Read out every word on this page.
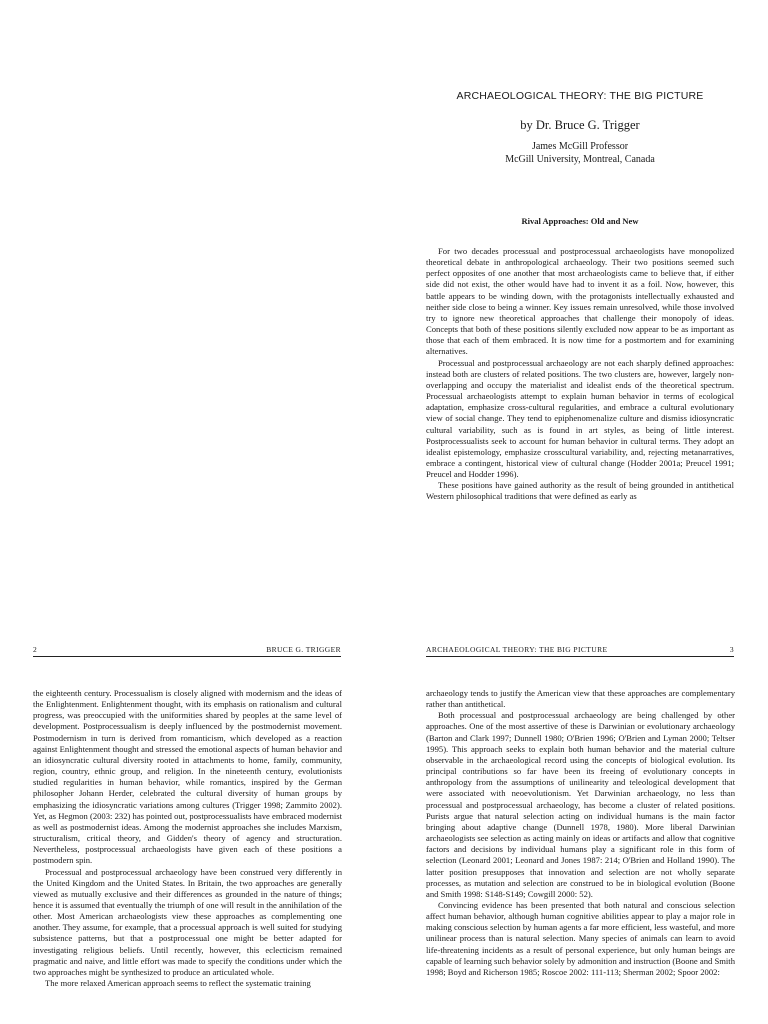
ARCHAEOLOGICAL THEORY: THE BIG PICTURE
by Dr. Bruce G. Trigger
James McGill Professor
McGill University, Montreal, Canada
Rival Approaches: Old and New

For two decades processual and postprocessual archaeologists have monopolized theoretical debate in anthropological archaeology. Their two positions seemed such perfect opposites of one another that most archaeologists came to believe that, if either side did not exist, the other would have had to invent it as a foil. Now, however, this battle appears to be winding down, with the protagonists intellectually exhausted and neither side close to being a winner. Key issues remain unresolved, while those involved try to ignore new theoretical approaches that challenge their monopoly of ideas. Concepts that both of these positions silently excluded now appear to be as important as those that each of them embraced. It is now time for a postmortem and for examining alternatives.

Processual and postprocessual archaeology are not each sharply defined approaches: instead both are clusters of related positions. The two clusters are, however, largely non-overlapping and occupy the materialist and idealist ends of the theoretical spectrum. Processual archaeologists attempt to explain human behavior in terms of ecological adaptation, emphasize cross-cultural regularities, and embrace a cultural evolutionary view of social change. They tend to epiphenomenalize culture and dismiss idiosyncratic cultural variability, such as is found in art styles, as being of little interest. Postprocessualists seek to account for human behavior in cultural terms. They adopt an idealist epistemology, emphasize crosscultural variability, and, rejecting metanarratives, embrace a contingent, historical view of cultural change (Hodder 2001a; Preucel 1991; Preucel and Hodder 1996).

These positions have gained authority as the result of being grounded in antithetical Western philosophical traditions that were defined as early as

2	BRUCE G. TRIGGER

the eighteenth century. Processualism is closely aligned with modernism and the ideas of the Enlightenment. Enlightenment thought, with its emphasis on rationalism and cultural progress, was preoccupied with the uniformities shared by peoples at the same level of development. Postprocessualism is deeply influenced by the postmodernist movement. Postmodernism in turn is derived from romanticism, which developed as a reaction against Enlightenment thought and stressed the emotional aspects of human behavior and an idiosyncratic cultural diversity rooted in attachments to home, family, community, region, country, ethnic group, and religion. In the nineteenth century, evolutionists studied regularities in human behavior, while romantics, inspired by the German philosopher Johann Herder, celebrated the cultural diversity of human groups by emphasizing the idiosyncratic variations among cultures (Trigger 1998; Zammito 2002). Yet, as Hegmon (2003: 232) has pointed out, postprocessualists have embraced modernist as well as postmodernist ideas. Among the modernist approaches she includes Marxism, structuralism, critical theory, and Gidden's theory of agency and structuration. Nevertheless, postprocessual archaeologists have given each of these positions a postmodern spin.

Processual and postprocessual archaeology have been construed very differently in the United Kingdom and the United States. In Britain, the two approaches are generally viewed as mutually exclusive and their differences as grounded in the nature of things; hence it is assumed that eventually the triumph of one will result in the annihilation of the other. Most American archaeologists view these approaches as complementing one another. They assume, for example, that a processual approach is well suited for studying subsistence patterns, but that a postprocessual one might be better adapted for investigating religious beliefs. Until recently, however, this eclecticism remained pragmatic and naive, and little effort was made to specify the conditions under which the two approaches might be synthesized to produce an articulated whole.

The more relaxed American approach seems to reflect the systematic training

ARCHAEOLOGICAL THEORY: THE BIG PICTURE	3

archaeology tends to justify the American view that these approaches are complementary rather than antithetical.

Both processual and postprocessual archaeology are being challenged by other approaches. One of the most assertive of these is Darwinian or evolutionary archaeology (Barton and Clark 1997; Dunnell 1980; O'Brien 1996; O'Brien and Lyman 2000; Teltser 1995). This approach seeks to explain both human behavior and the material culture observable in the archaeological record using the concepts of biological evolution. Its principal contributions so far have been its freeing of evolutionary concepts in anthropology from the assumptions of unilinearity and teleological development that were associated with neoevolutionism. Yet Darwinian archaeology, no less than processual and postprocessual archaeology, has become a cluster of related positions. Purists argue that natural selection acting on individual humans is the main factor bringing about adaptive change (Dunnell 1978, 1980). More liberal Darwinian archaeologists see selection as acting mainly on ideas or artifacts and allow that cognitive factors and decisions by individual humans play a significant role in this form of selection (Leonard 2001; Leonard and Jones 1987: 214; O'Brien and Holland 1990). The latter position presupposes that innovation and selection are not wholly separate processes, as mutation and selection are construed to be in biological evolution (Boone and Smith 1998: S148-S149; Cowgill 2000: 52).

Convincing evidence has been presented that both natural and conscious selection affect human behavior, although human cognitive abilities appear to play a major role in making conscious selection by human agents a far more efficient, less wasteful, and more unilinear process than is natural selection. Many species of animals can learn to avoid life-threatening incidents as a result of personal experience, but only human beings are capable of learning such behavior solely by admonition and instruction (Boone and Smith 1998; Boyd and Richerson 1985; Roscoe 2002: 111-113; Sherman 2002; Spoor 2002:
